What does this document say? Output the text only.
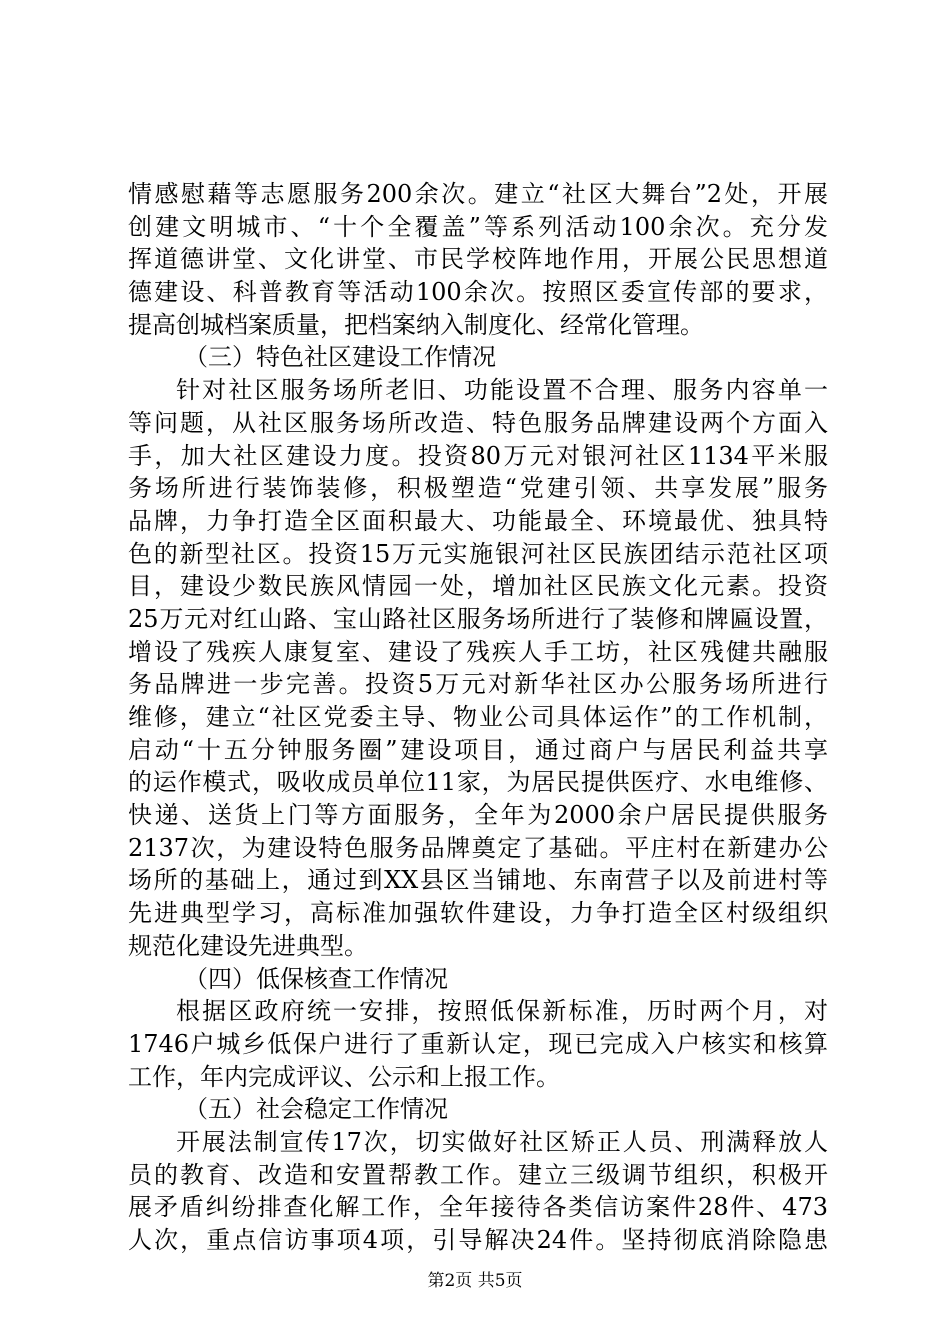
情感慰藉等志愿服务200余次。建立“社区大舞台”2处，开展
创建文明城市、“十个全覆盖”等系列活动100余次。充分发
挥道德讲堂、文化讲堂、市民学校阵地作用，开展公民思想道
德建设、科普教育等活动100余次。按照区委宣传部的要求，
提高创城档案质量，把档案纳入制度化、经常化管理。
（三）特色社区建设工作情况
针对社区服务场所老旧、功能设置不合理、服务内容单一
等问题，从社区服务场所改造、特色服务品牌建设两个方面入
手，加大社区建设力度。投资80万元对银河社区1134平米服
务场所进行装饰装修，积极塑造“党建引领、共享发展”服务
品牌，力争打造全区面积最大、功能最全、环境最优、独具特
色的新型社区。投资15万元实施银河社区民族团结示范社区项
目，建设少数民族风情园一处，增加社区民族文化元素。投资
25万元对红山路、宝山路社区服务场所进行了装修和牌匾设置，
增设了残疾人康复室、建设了残疾人手工坊，社区残健共融服
务品牌进一步完善。投资5万元对新华社区办公服务场所进行
维修，建立“社区党委主导、物业公司具体运作”的工作机制，
启动“十五分钟服务圈”建设项目，通过商户与居民利益共享
的运作模式，吸收成员单位11家，为居民提供医疗、水电维修、
快递、送货上门等方面服务，全年为2000余户居民提供服务
2137次，为建设特色服务品牌奠定了基础。平庄村在新建办公
场所的基础上，通过到XX县区当铺地、东南营子以及前进村等
先进典型学习，高标准加强软件建设，力争打造全区村级组织
规范化建设先进典型。
（四）低保核查工作情况
根据区政府统一安排，按照低保新标准，历时两个月，对
1746户城乡低保户进行了重新认定，现已完成入户核实和核算
工作，年内完成评议、公示和上报工作。
（五）社会稳定工作情况
开展法制宣传17次，切实做好社区矫正人员、刑满释放人
员的教育、改造和安置帮教工作。建立三级调节组织，积极开
展矛盾纠纷排查化解工作，全年接待各类信访案件28件、473
人次，重点信访事项4项，引导解决24件。坚持彻底消除隐患
第2页 共5页
